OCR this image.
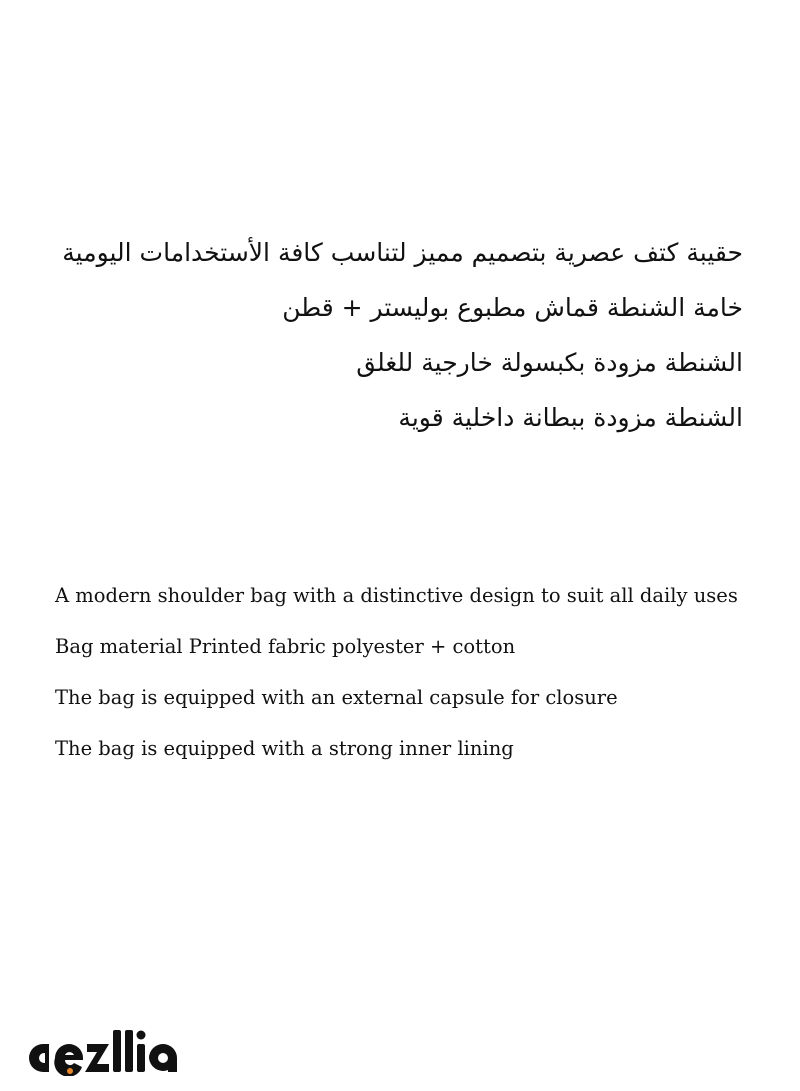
حقيبة كتف عصرية بتصميم مميز لتناسب كافة الأستخدامات اليومية
خامة الشنطة قماش مطبوع بوليستر + قطن
الشنطة مزودة بكبسولة خارجية للغلق
الشنطة مزودة ببطانة داخلية قوية
A modern shoulder bag with a distinctive design to suit all daily uses
Bag material Printed fabric polyester + cotton
The bag is equipped with an external capsule for closure
The bag is equipped with a strong inner lining
